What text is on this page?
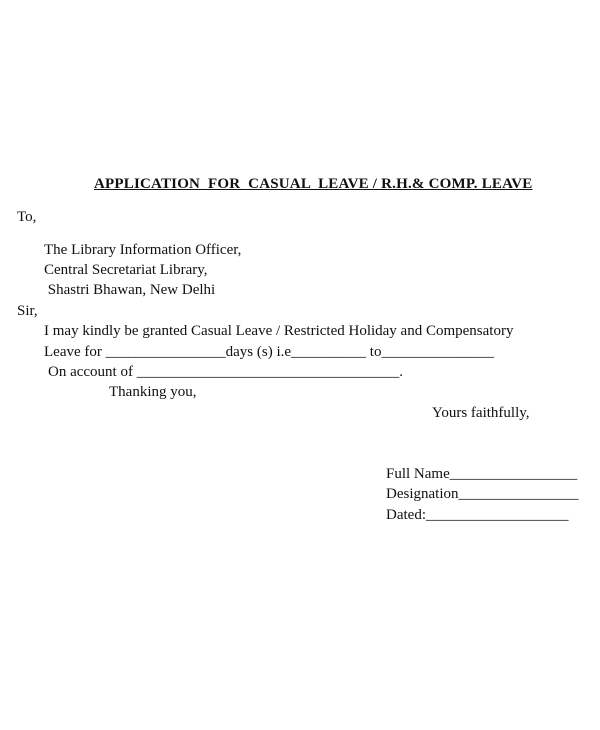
APPLICATION  FOR  CASUAL  LEAVE / R.H.& COMP. LEAVE
To,
The Library Information Officer,
Central Secretariat Library,
Shastri Bhawan, New Delhi
Sir,
I may kindly be granted Casual Leave / Restricted Holiday and Compensatory
Leave for ________________days (s) i.e__________ to_______________
On account of ___________________________________.
Thanking you,
Yours faithfully,
Full Name_________________
Designation________________
Dated:___________________
